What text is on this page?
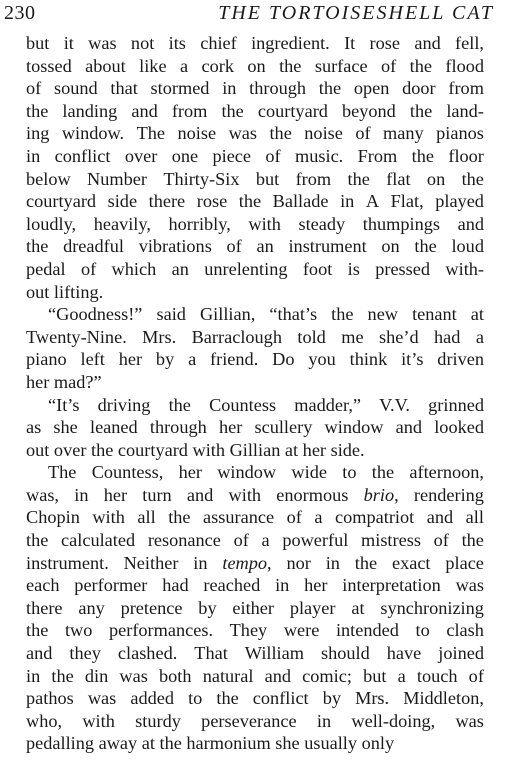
230	THE TORTOISESHELL CAT
but it was not its chief ingredient. It rose and fell,
tossed about like a cork on the surface of the flood
of sound that stormed in through the open door from
the landing and from the courtyard beyond the land-
ing window. The noise was the noise of many pianos
in conflict over one piece of music. From the floor
below Number Thirty-Six but from the flat on the
courtyard side there rose the Ballade in A Flat, played
loudly, heavily, horribly, with steady thumpings and
the dreadful vibrations of an instrument on the loud
pedal of which an unrelenting foot is pressed with-
out lifting.
“Goodness!” said Gillian, “that’s the new tenant at
Twenty-Nine. Mrs. Barraclough told me she’d had a
piano left her by a friend. Do you think it’s driven
her mad?”
“It’s driving the Countess madder,” V.V. grinned
as she leaned through her scullery window and looked
out over the courtyard with Gillian at her side.
The Countess, her window wide to the afternoon,
was, in her turn and with enormous brio, rendering
Chopin with all the assurance of a compatriot and all
the calculated resonance of a powerful mistress of the
instrument. Neither in tempo, nor in the exact place
each performer had reached in her interpretation was
there any pretence by either player at synchronizing
the two performances. They were intended to clash
and they clashed. That William should have joined
in the din was both natural and comic; but a touch of
pathos was added to the conflict by Mrs. Middleton,
who, with sturdy perseverance in well-doing, was
pedalling away at the harmonium she usually only
